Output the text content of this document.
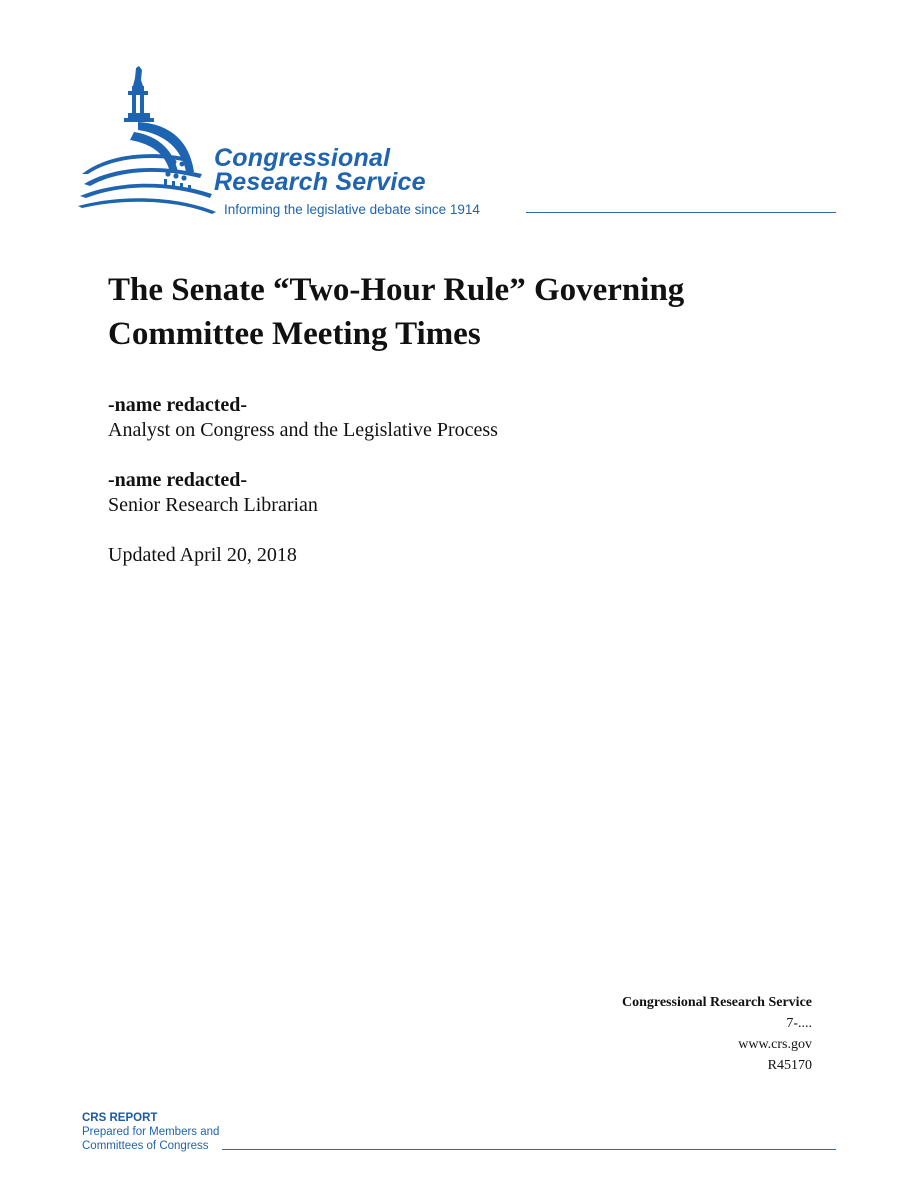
Congressional
Research Service
Informing the legislative debate since 1914
The Senate “Two-Hour Rule” Governing Committee Meeting Times
-name redacted-
Analyst on Congress and the Legislative Process
-name redacted-
Senior Research Librarian
Updated April 20, 2018
Congressional Research Service
7-....
www.crs.gov
R45170
CRS REPORT
Prepared for Members and
Committees of Congress
